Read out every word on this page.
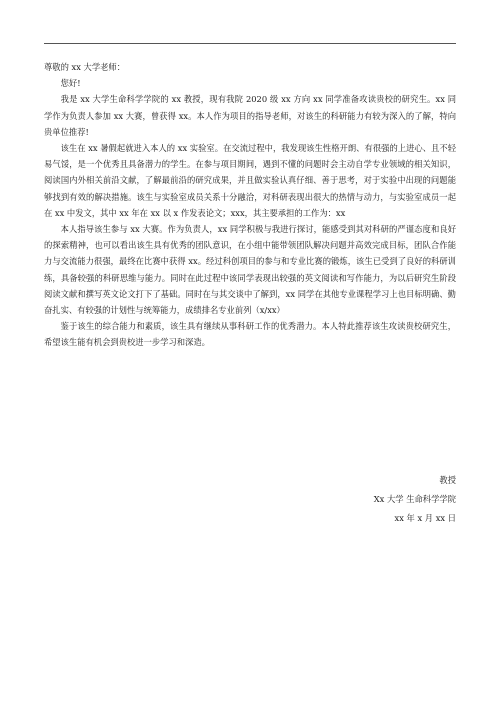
尊敬的 xx 大学老师：

您好!

我是 xx 大学生命科学学院的 xx 教授，现有我院 2020 级 xx 方向 xx 同学准备攻读贵校的研究生。xx 同学作为负责人参加 xx 大赛，曾获得 xx。本人作为项目的指导老师，对该生的科研能力有较为深入的了解，特向贵单位推荐!

该生在 xx 暑假起就进入本人的 xx 实验室。在交流过程中，我发现该生性格开朗、有很强的上进心、且不轻易气馁，是一个优秀且具备潜力的学生。在参与项目期间，遇到不懂的问题时会主动自学专业领域的相关知识，阅读国内外相关前沿文献，了解最前沿的研究成果，并且做实验认真仔细、善于思考，对于实验中出现的问题能够找到有效的解决措施。该生与实验室成员关系十分融洽，对科研表现出很大的热情与动力，与实验室成员一起在 xx 中发文，其中 xx 年在 xx 以 x 作发表论文；xxx，其主要承担的工作为：xx

本人指导该生参与 xx 大赛。作为负责人，xx 同学积极与我进行探讨，能感受到其对科研的严谨态度和良好的探索精神，也可以看出该生具有优秀的团队意识，在小组中能带领团队解决问题并高效完成目标，团队合作能力与交流能力很强，最终在比赛中获得 xx。经过科创项目的参与和专业比赛的锻炼，该生已受到了良好的科研训练，具备较强的科研思维与能力。同时在此过程中该同学表现出较强的英文阅读和写作能力，为以后研究生阶段阅读文献和撰写英文论文打下了基础。同时在与其交谈中了解到，xx 同学在其他专业课程学习上也目标明确、勤奋扎实、有较强的计划性与统筹能力，成绩排名专业前列（x/xx）

鉴于该生的综合能力和素质，该生具有继续从事科研工作的优秀潜力。本人特此推荐该生攻读贵校研究生，希望该生能有机会到贵校进一步学习和深造。

教授
Xx 大学 生命科学学院
xx 年 x 月 xx 日
